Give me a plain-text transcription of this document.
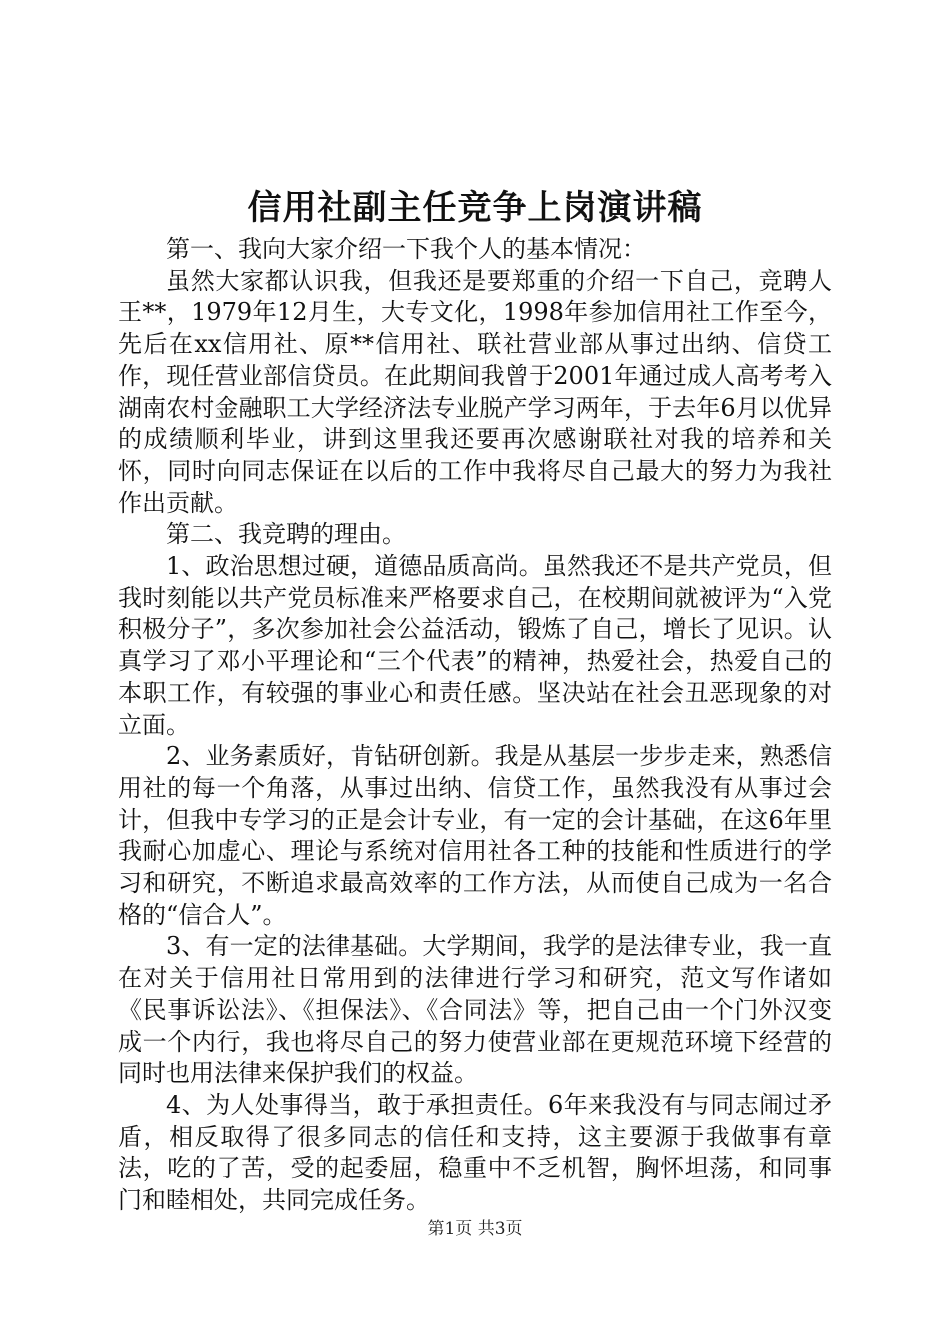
信用社副主任竞争上岗演讲稿

第一、我向大家介绍一下我个人的基本情况：

虽然大家都认识我，但我还是要郑重的介绍一下自己，竞聘人王**，1979年12月生，大专文化，1998年参加信用社工作至今，先后在xx信用社、原**信用社、联社营业部从事过出纳、信贷工作，现任营业部信贷员。在此期间我曾于2001年通过成人高考考入湖南农村金融职工大学经济法专业脱产学习两年，于去年6月以优异的成绩顺利毕业，讲到这里我还要再次感谢联社对我的培养和关怀，同时向同志保证在以后的工作中我将尽自己最大的努力为我社作出贡献。

第二、我竞聘的理由。

1、政治思想过硬，道德品质高尚。虽然我还不是共产党员，但我时刻能以共产党员标准来严格要求自己，在校期间就被评为“入党积极分子”，多次参加社会公益活动，锻炼了自己，增长了见识。认真学习了邓小平理论和“三个代表”的精神，热爱社会，热爱自己的本职工作，有较强的事业心和责任感。坚决站在社会丑恶现象的对立面。

2、业务素质好，肯钻研创新。我是从基层一步步走来，熟悉信用社的每一个角落，从事过出纳、信贷工作，虽然我没有从事过会计，但我中专学习的正是会计专业，有一定的会计基础，在这6年里我耐心加虚心、理论与系统对信用社各工种的技能和性质进行的学习和研究，不断追求最高效率的工作方法，从而使自己成为一名合格的“信合人”。

3、有一定的法律基础。大学期间，我学的是法律专业，我一直在对关于信用社日常用到的法律进行学习和研究，范文写作诸如《民事诉讼法》、《担保法》、《合同法》等，把自己由一个门外汉变成一个内行，我也将尽自己的努力使营业部在更规范环境下经营的同时也用法律来保护我们的权益。

4、为人处事得当，敢于承担责任。6年来我没有与同志闹过矛盾，相反取得了很多同志的信任和支持，这主要源于我做事有章法，吃的了苦，受的起委屈，稳重中不乏机智，胸怀坦荡，和同事门和睦相处，共同完成任务。

第1页 共3页
